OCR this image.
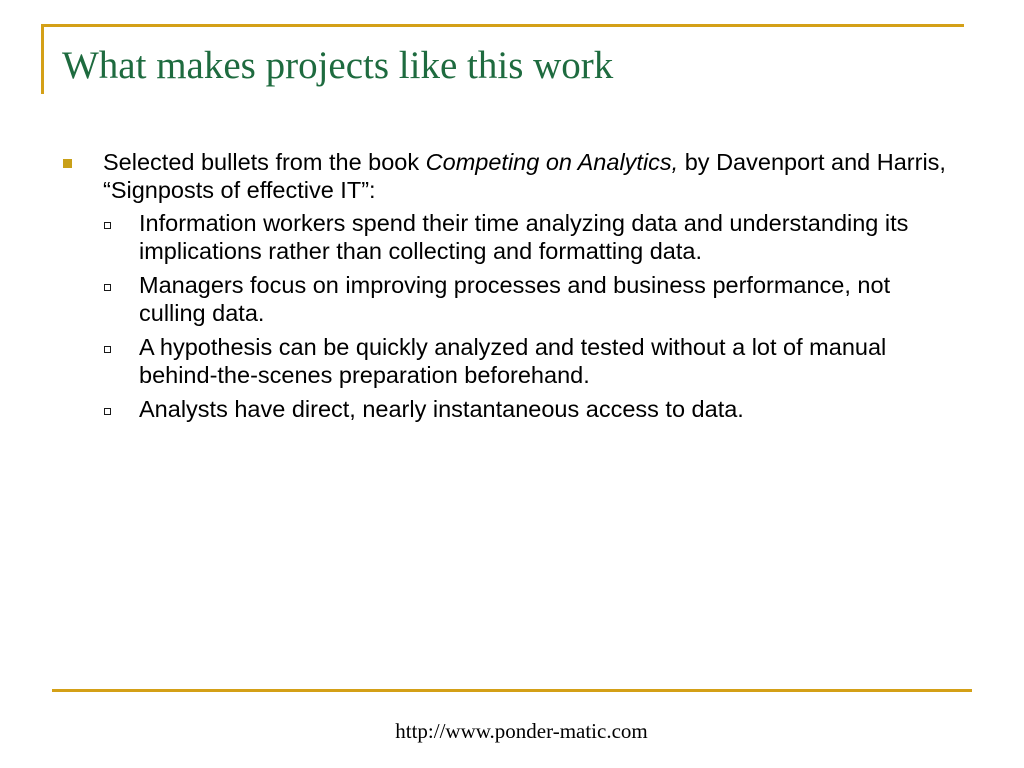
What makes projects like this work
Selected bullets from the book Competing on Analytics, by Davenport and Harris, “Signposts of effective IT”:
Information workers spend their time analyzing data and understanding its implications rather than collecting and formatting data.
Managers focus on improving processes and business performance, not culling data.
A hypothesis can be quickly analyzed and tested without a lot of manual behind-the-scenes preparation beforehand.
Analysts have direct, nearly instantaneous access to data.
http://www.ponder-matic.com
